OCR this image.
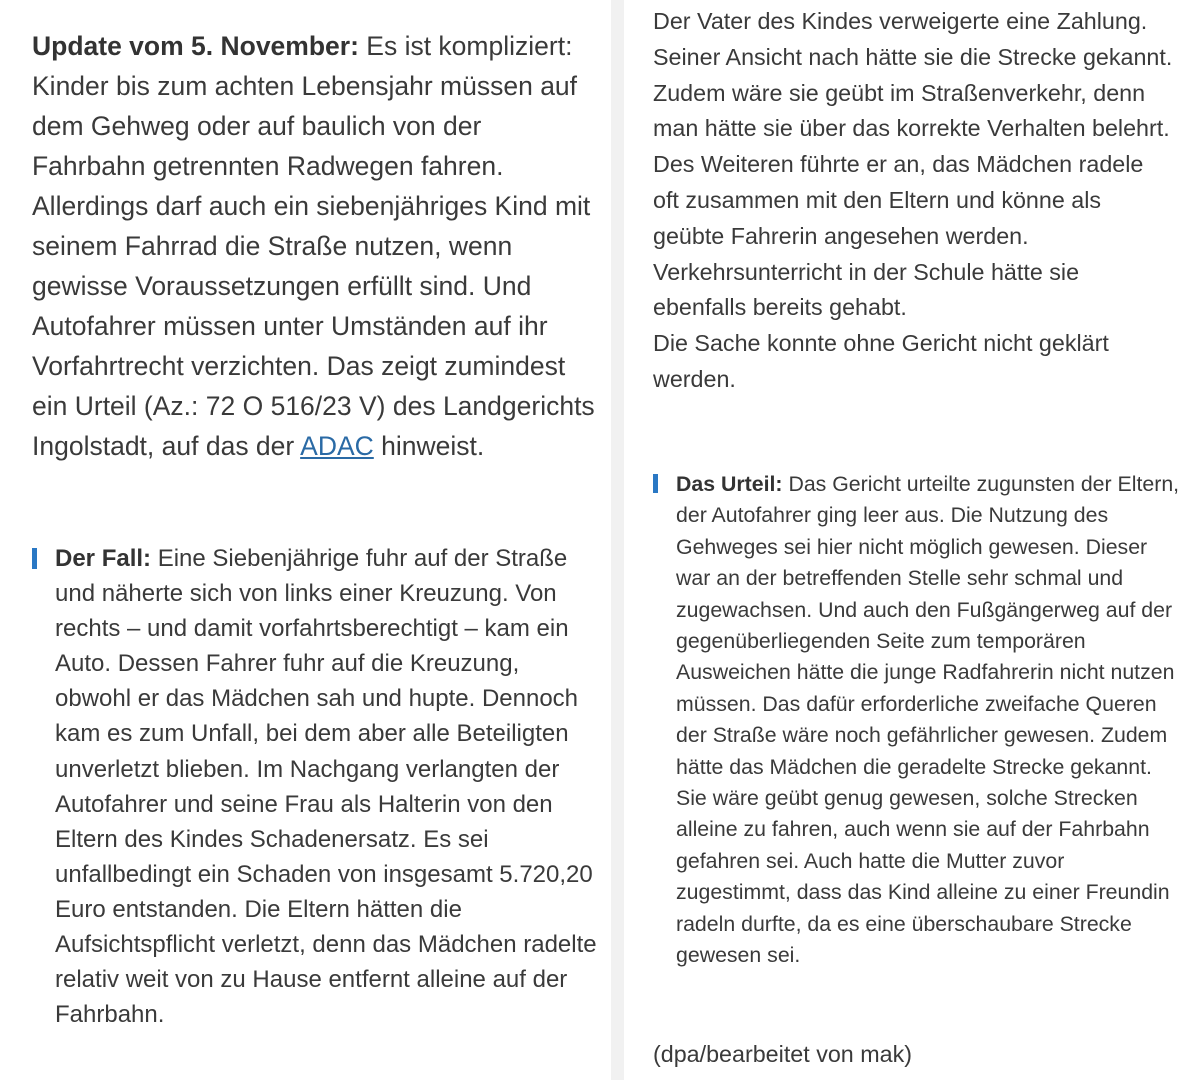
Update vom 5. November: Es ist kompliziert: Kinder bis zum achten Lebensjahr müssen auf dem Gehweg oder auf baulich von der Fahrbahn getrennten Radwegen fahren. Allerdings darf auch ein siebenjähriges Kind mit seinem Fahrrad die Straße nutzen, wenn gewisse Voraussetzungen erfüllt sind. Und Autofahrer müssen unter Umständen auf ihr Vorfahrtrecht verzichten. Das zeigt zumindest ein Urteil (Az.: 72 O 516/23 V) des Landgerichts Ingolstadt, auf das der ADAC hinweist.

Der Fall: Eine Siebenjährige fuhr auf der Straße und näherte sich von links einer Kreuzung. Von rechts – und damit vorfahrtsberechtigt – kam ein Auto. Dessen Fahrer fuhr auf die Kreuzung, obwohl er das Mädchen sah und hupte. Dennoch kam es zum Unfall, bei dem aber alle Beteiligten unverletzt blieben. Im Nachgang verlangten der Autofahrer und seine Frau als Halterin von den Eltern des Kindes Schadenersatz. Es sei unfallbedingt ein Schaden von insgesamt 5.720,20 Euro entstanden. Die Eltern hätten die Aufsichtspflicht verletzt, denn das Mädchen radelte relativ weit von zu Hause entfernt alleine auf der Fahrbahn.

Der Vater des Kindes verweigerte eine Zahlung. Seiner Ansicht nach hätte sie die Strecke gekannt. Zudem wäre sie geübt im Straßenverkehr, denn man hätte sie über das korrekte Verhalten belehrt. Des Weiteren führte er an, das Mädchen radele oft zusammen mit den Eltern und könne als geübte Fahrerin angesehen werden. Verkehrsunterricht in der Schule hätte sie ebenfalls bereits gehabt.

Die Sache konnte ohne Gericht nicht geklärt werden.

Das Urteil: Das Gericht urteilte zugunsten der Eltern, der Autofahrer ging leer aus. Die Nutzung des Gehweges sei hier nicht möglich gewesen. Dieser war an der betreffenden Stelle sehr schmal und zugewachsen. Und auch den Fußgängerweg auf der gegenüberliegenden Seite zum temporären Ausweichen hätte die junge Radfahrerin nicht nutzen müssen. Das dafür erforderliche zweifache Queren der Straße wäre noch gefährlicher gewesen. Zudem hätte das Mädchen die geradelte Strecke gekannt. Sie wäre geübt genug gewesen, solche Strecken alleine zu fahren, auch wenn sie auf der Fahrbahn gefahren sei. Auch hatte die Mutter zuvor zugestimmt, dass das Kind alleine zu einer Freundin radeln durfte, da es eine überschaubare Strecke gewesen sei.

(dpa/bearbeitet von mak)
